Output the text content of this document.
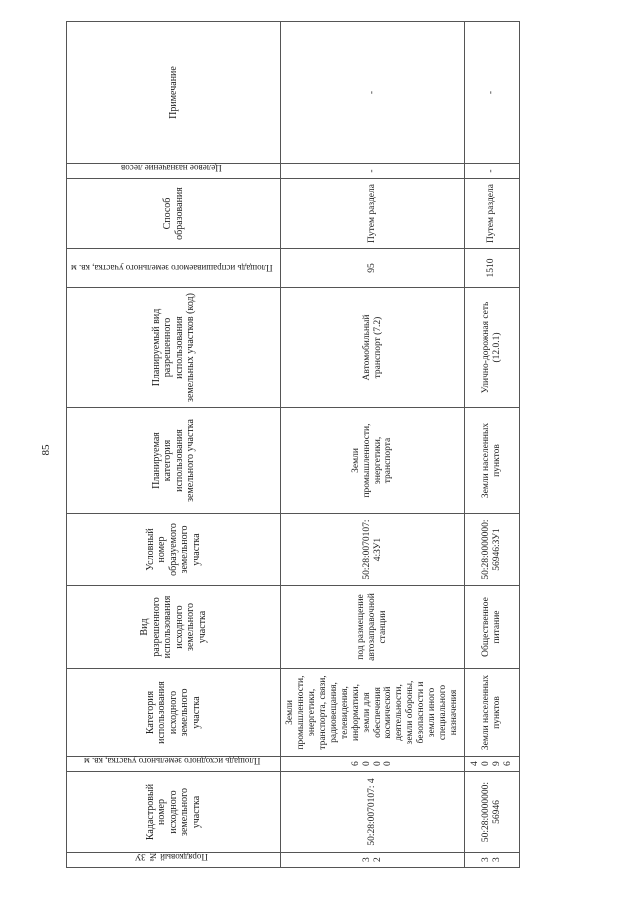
85
Порядковый № ЗУ	Кадастровый номер исходного земельного участка	Площадь исходного земельного участка, кв. м	Категория использования исходного земельного участка	Вид разрешенного использования исходного земельного участка	Условный номер образуемого земельного участка	Планируемая категория использования земельного участка	Планируемый вид разрешенного использования земельных участков (код)	Площадь испрашиваемого земельного участка, кв. м	Способ образования	Целевое назначение лесов	Примечание
32	50:28:0070107: 4	6000	Земли промышленности, энергетики, транспорта, связи, радиовещания, телевидения, информатики, земли для обеспечения космической деятельности, земли обороны, безопасности и земли иного специального назначения	под размещение автозаправочной станции	50:28:0070107: 4:ЗУ1	Земли промышленности, энергетики, транспорта	Автомобильный транспорт (7.2)	95	Путем раздела	-	-
33	50:28:0000000: 56946	4096	Земли населенных пунктов	Общественное питание	50:28:0000000: 56946:ЗУ1	Земли населенных пунктов	Улично-дорожная сеть (12.0.1)	1510	Путем раздела	-	-
